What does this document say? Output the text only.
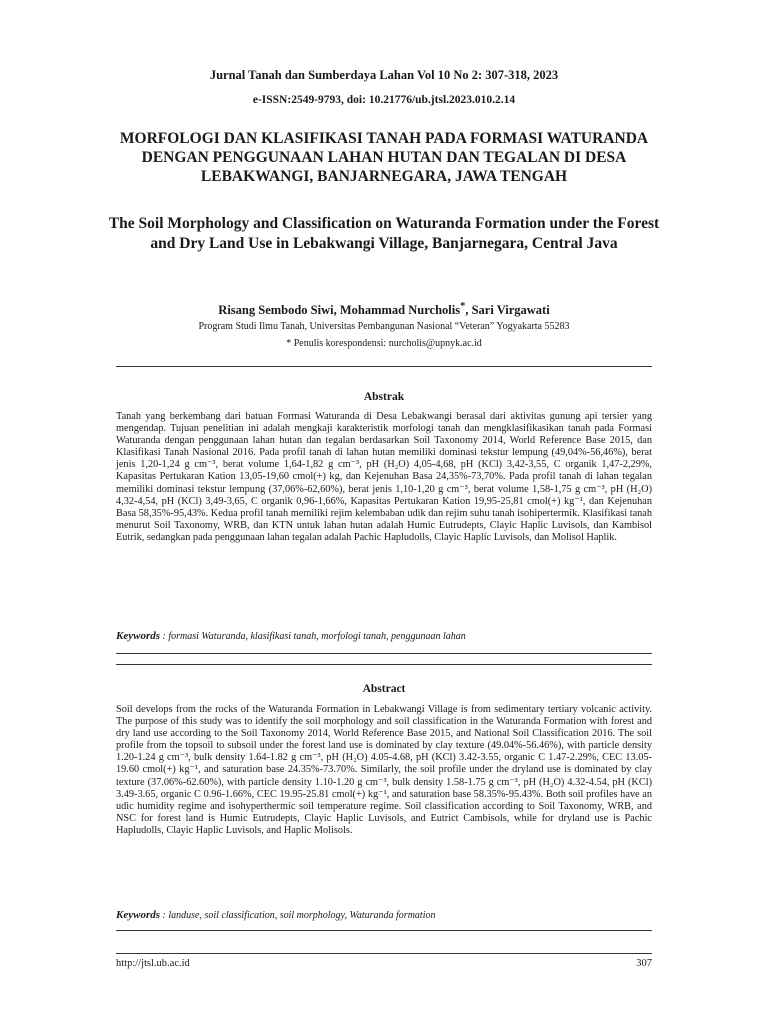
Jurnal Tanah dan Sumberdaya Lahan Vol 10 No 2: 307-318, 2023
e-ISSN:2549-9793, doi: 10.21776/ub.jtsl.2023.010.2.14
MORFOLOGI DAN KLASIFIKASI TANAH PADA FORMASI WATURANDA DENGAN PENGGUNAAN LAHAN HUTAN DAN TEGALAN DI DESA LEBAKWANGI, BANJARNEGARA, JAWA TENGAH
The Soil Morphology and Classification on Waturanda Formation under the Forest and Dry Land Use in Lebakwangi Village, Banjarnegara, Central Java
Risang Sembodo Siwi, Mohammad Nurcholis*, Sari Virgawati
Program Studi Ilmu Tanah, Universitas Pembangunan Nasional “Veteran” Yogyakarta 55283
* Penulis korespondensi: nurcholis@upnyk.ac.id
Abstrak
Tanah yang berkembang dari batuan Formasi Waturanda di Desa Lebakwangi berasal dari aktivitas gunung api tersier yang mengendap. Tujuan penelitian ini adalah mengkaji karakteristik morfologi tanah dan mengklasifikasikan tanah pada Formasi Waturanda dengan penggunaan lahan hutan dan tegalan berdasarkan Soil Taxonomy 2014, World Reference Base 2015, dan Klasifikasi Tanah Nasional 2016. Pada profil tanah di lahan hutan memiliki dominasi tekstur lempung (49,04%-56,46%), berat jenis 1,20-1,24 g cm⁻³, berat volume 1,64-1,82 g cm⁻³, pH (H₂O) 4,05-4,68, pH (KCl) 3,42-3,55, C organik 1,47-2,29%, Kapasitas Pertukaran Kation 13,05-19,60 cmol(+) kg, dan Kejenuhan Basa 24,35%-73,70%. Pada profil tanah di lahan tegalan memiliki dominasi tekstur lempung (37,06%-62,60%), berat jenis 1,10-1,20 g cm⁻³, berat volume 1,58-1,75 g cm⁻³, pH (H₂O) 4,32-4,54, pH (KCl) 3,49-3,65, C organik 0,96-1,66%, Kapasitas Pertukaran Kation 19,95-25,81 cmol(+) kg⁻¹, dan Kejenuhan Basa 58,35%-95,43%. Kedua profil tanah memiliki rejim kelembaban udik dan rejim suhu tanah isohipertermik. Klasifikasi tanah menurut Soil Taxonomy, WRB, dan KTN untuk lahan hutan adalah Humic Eutrudepts, Clayic Haplic Luvisols, dan Kambisol Eutrik, sedangkan pada penggunaan lahan tegalan adalah Pachic Hapludolls, Clayic Haplic Luvisols, dan Molisol Haplik.
Keywords : formasi Waturanda, klasifikasi tanah, morfologi tanah, penggunaan lahan
Abstract
Soil develops from the rocks of the Waturanda Formation in Lebakwangi Village is from sedimentary tertiary volcanic activity. The purpose of this study was to identify the soil morphology and soil classification in the Waturanda Formation with forest and dry land use according to the Soil Taxonomy 2014, World Reference Base 2015, and National Soil Classification 2016. The soil profile from the topsoil to subsoil under the forest land use is dominated by clay texture (49.04%-56.46%), with particle density 1.20-1.24 g cm⁻³, bulk density 1.64-1.82 g cm⁻³, pH (H₂O) 4.05-4.68, pH (KCl) 3.42-3.55, organic C 1.47-2.29%, CEC 13.05-19.60 cmol(+) kg⁻¹, and saturation base 24.35%-73.70%. Similarly, the soil profile under the dryland use is dominated by clay texture (37.06%-62.60%), with particle density 1.10-1.20 g cm⁻³, bulk density 1.58-1.75 g cm⁻³, pH (H₂O) 4.32-4.54, pH (KCl) 3.49-3.65, organic C 0.96-1.66%, CEC 19.95-25.81 cmol(+) kg⁻¹, and saturation base 58.35%-95.43%. Both soil profiles have an udic humidity regime and isohyperthermic soil temperature regime. Soil classification according to Soil Taxonomy, WRB, and NSC for forest land is Humic Eutrudepts, Clayic Haplic Luvisols, and Eutrict Cambisols, while for dryland use is Pachic Hapludolls, Clayic Haplic Luvisols, and Haplic Molisols.
Keywords : landuse, soil classification, soil morphology, Waturanda formation
http://jtsl.ub.ac.id	307
